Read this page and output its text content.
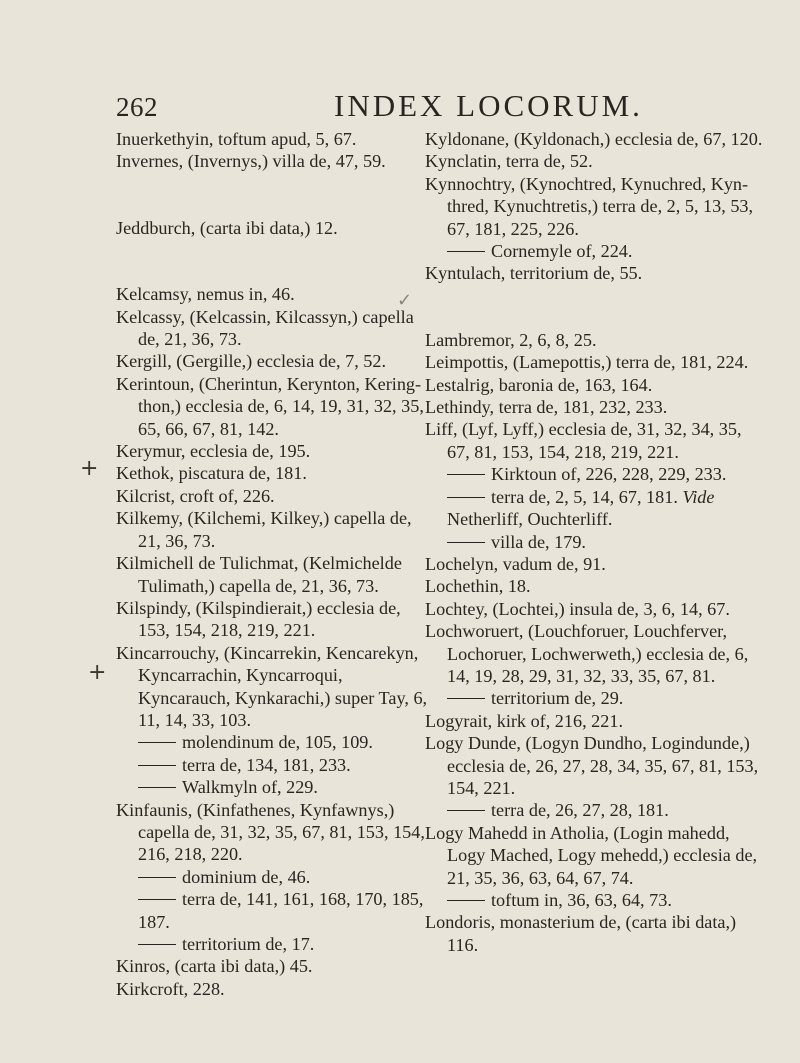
262	INDEX LOCORUM.
+
+
✓
Inuerkethyin, toftum apud, 5, 67.
Invernes, (Invernys,) villa de, 47, 59.
Jeddburch, (carta ibi data,) 12.
Kelcamsy, nemus in, 46.
Kelcassy, (Kelcassin, Kilcassyn,) capella de, 21, 36, 73.
Kergill, (Gergille,) ecclesia de, 7, 52.
Kerintoun, (Cherintun, Kerynton, Kering-thon,) ecclesia de, 6, 14, 19, 31, 32, 35, 65, 66, 67, 81, 142.
Kerymur, ecclesia de, 195.
Kethok, piscatura de, 181.
Kilcrist, croft of, 226.
Kilkemy, (Kilchemi, Kilkey,) capella de, 21, 36, 73.
Kilmichell de Tulichmat, (Kelmichelde Tulimath,) capella de, 21, 36, 73.
Kilspindy, (Kilspindierait,) ecclesia de, 153, 154, 218, 219, 221.
Kincarrouchy, (Kincarrekin, Kencarekyn, Kyncarrachin, Kyncarroqui, Kyncarauch, Kynkarachi,) super Tay, 6, 11, 14, 33, 103.
molendinum de, 105, 109.
terra de, 134, 181, 233.
Walkmyln of, 229.
Kinfaunis, (Kinfathenes, Kynfawnys,) capella de, 31, 32, 35, 67, 81, 153, 154, 216, 218, 220.
dominium de, 46.
terra de, 141, 161, 168, 170, 185, 187.
territorium de, 17.
Kinros, (carta ibi data,) 45.
Kirkcroft, 228.
Kyldonane, (Kyldonach,) ecclesia de, 67, 120.
Kynclatin, terra de, 52.
Kynnochtry, (Kynochtred, Kynuchred, Kyn-thred, Kynuchtretis,) terra de, 2, 5, 13, 53, 67, 181, 225, 226.
Cornemyle of, 224.
Kyntulach, territorium de, 55.
Lambremor, 2, 6, 8, 25.
Leimpottis, (Lamepottis,) terra de, 181, 224.
Lestalrig, baronia de, 163, 164.
Lethindy, terra de, 181, 232, 233.
Liff, (Lyf, Lyff,) ecclesia de, 31, 32, 34, 35, 67, 81, 153, 154, 218, 219, 221.
Kirktoun of, 226, 228, 229, 233.
terra de, 2, 5, 14, 67, 181. Vide
Netherliff, Ouchterliff.
villa de, 179.
Lochelyn, vadum de, 91.
Lochethin, 18.
Lochtey, (Lochtei,) insula de, 3, 6, 14, 67.
Lochworuert, (Louchforuer, Louchferver, Lochoruer, Lochwerweth,) ecclesia de, 6, 14, 19, 28, 29, 31, 32, 33, 35, 67, 81.
territorium de, 29.
Logyrait, kirk of, 216, 221.
Logy Dunde, (Logyn Dundho, Logindunde,) ecclesia de, 26, 27, 28, 34, 35, 67, 81, 153, 154, 221.
terra de, 26, 27, 28, 181.
Logy Mahedd in Atholia, (Login mahedd, Logy Mached, Logy mehedd,) ecclesia de, 21, 35, 36, 63, 64, 67, 74.
toftum in, 36, 63, 64, 73.
Londoris, monasterium de, (carta ibi data,) 116.
